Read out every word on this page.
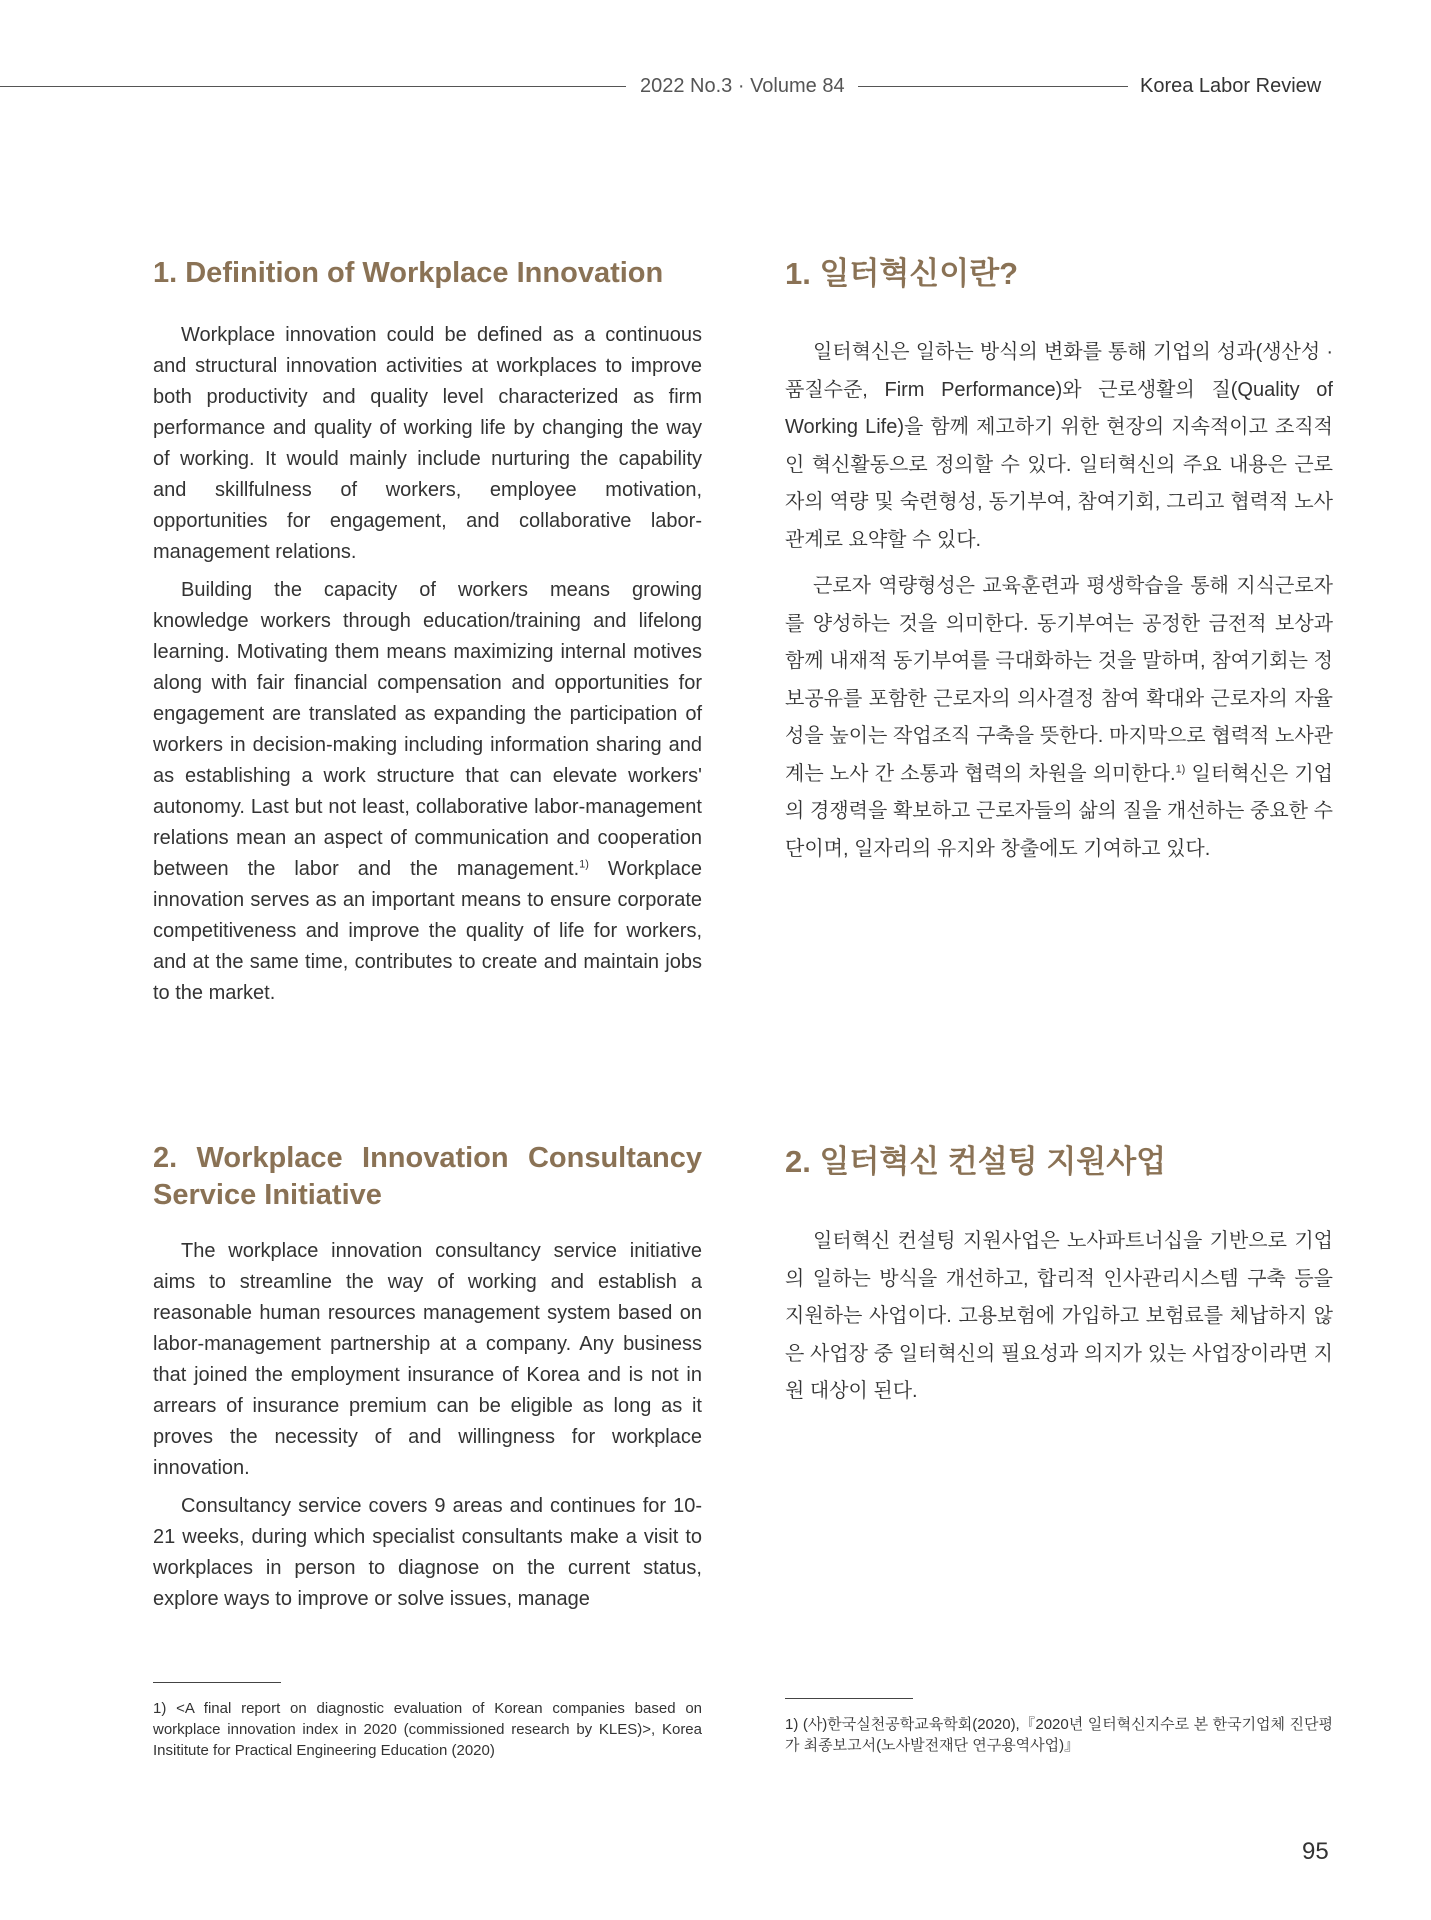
2022 No.3 · Volume 84	Korea Labor Review
1. Definition of Workplace Innovation

Workplace innovation could be defined as a continuous and structural innovation activities at workplaces to improve both productivity and quality level characterized as firm performance and quality of working life by changing the way of working. It would mainly include nurturing the capability and skillfulness of workers, employee motivation, opportunities for engagement, and collaborative labor-management relations.

Building the capacity of workers means growing knowledge workers through education/training and lifelong learning. Motivating them means maximizing internal motives along with fair financial compensation and opportunities for engagement are translated as expanding the participation of workers in decision-making including information sharing and as establishing a work structure that can elevate workers' autonomy. Last but not least, collaborative labor-management relations mean an aspect of communication and cooperation between the labor and the management.$^{1)}$ Workplace innovation serves as an important means to ensure corporate competitiveness and improve the quality of life for workers, and at the same time, contributes to create and maintain jobs to the market.

1. 일터혁신이란?

일터혁신은 일하는 방식의 변화를 통해 기업의 성과(생산성 · 품질수준, Firm Performance)와 근로생활의 질(Quality of Working Life)을 함께 제고하기 위한 현장의 지속적이고 조직적인 혁신활동으로 정의할 수 있다. 일터혁신의 주요 내용은 근로자의 역량 및 숙련형성, 동기부여, 참여기회, 그리고 협력적 노사관계로 요약할 수 있다.

근로자 역량형성은 교육훈련과 평생학습을 통해 지식근로자를 양성하는 것을 의미한다. 동기부여는 공정한 금전적 보상과 함께 내재적 동기부여를 극대화하는 것을 말하며, 참여기회는 정보공유를 포함한 근로자의 의사결정 참여 확대와 근로자의 자율성을 높이는 작업조직 구축을 뜻한다. 마지막으로 협력적 노사관계는 노사 간 소통과 협력의 차원을 의미한다.$^{1)}$ 일터혁신은 기업의 경쟁력을 확보하고 근로자들의 삶의 질을 개선하는 중요한 수단이며, 일자리의 유지와 창출에도 기여하고 있다.

2. Workplace Innovation Consultancy Service Initiative

The workplace innovation consultancy service initiative aims to streamline the way of working and establish a reasonable human resources management system based on labor-management partnership at a company. Any business that joined the employment insurance of Korea and is not in arrears of insurance premium can be eligible as long as it proves the necessity of and willingness for workplace innovation.

Consultancy service covers 9 areas and continues for 10-21 weeks, during which specialist consultants make a visit to workplaces in person to diagnose on the current status, explore ways to improve or solve issues, manage

2. 일터혁신 컨설팅 지원사업

일터혁신 컨설팅 지원사업은 노사파트너십을 기반으로 기업의 일하는 방식을 개선하고, 합리적 인사관리시스템 구축 등을 지원하는 사업이다. 고용보험에 가입하고 보험료를 체납하지 않은 사업장 중 일터혁신의 필요성과 의지가 있는 사업장이라면 지원 대상이 된다.

1) <A final report on diagnostic evaluation of Korean companies based on workplace innovation index in 2020 (commissioned research by KLES)>, Korea Insititute for Practical Engineering Education (2020)
1) (사)한국실천공학교육학회(2020),『2020년 일터혁신지수로 본 한국기업체 진단평가 최종보고서(노사발전재단 연구용역사업)』
95
